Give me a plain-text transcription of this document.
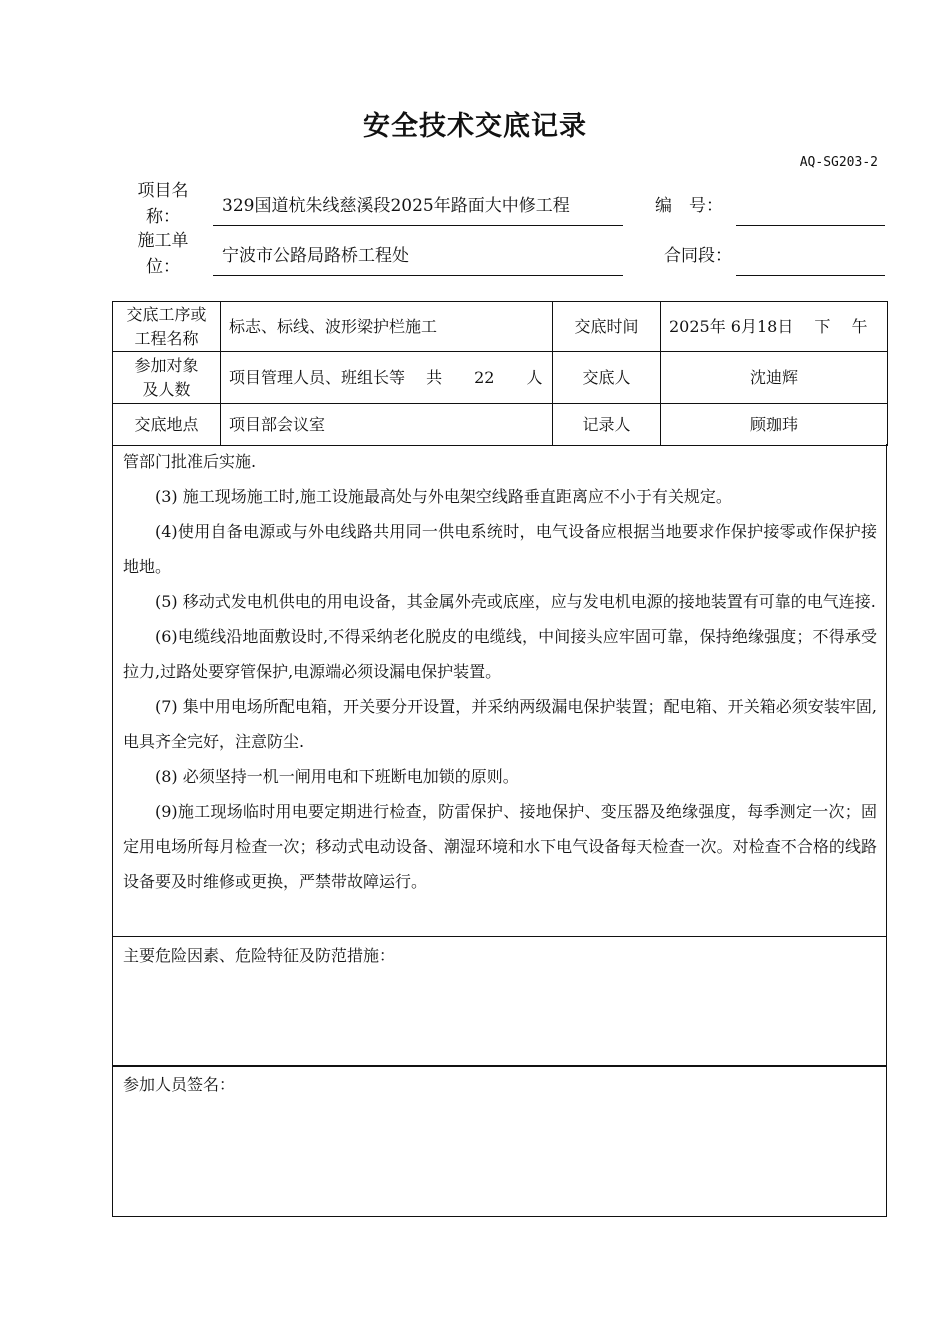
安全技术交底记录
AQ-SG203-2
项目名
称：
329国道杭朱线慈溪段2025年路面大中修工程	编　号：
施工单
位：
宁波市公路局路桥工程处	合同段：
交底工序或
工程名称	标志、标线、波形梁护栏施工	交底时间	2025年 6月18日　 下　 午

参加对象
及人数	项目管理人员、班组长等　 共　　22　　人	交底人	沈迪辉
交底地点	项目部会议室	记录人	顾珈玮

管部门批准后实施.

(3) 施工现场施工时,施工设施最高处与外电架空线路垂直距离应不小于有关规定。

(4)使用自备电源或与外电线路共用同一供电系统时，电气设备应根据当地要求作保护接零或作保护接地地。

(5) 移动式发电机供电的用电设备，其金属外壳或底座，应与发电机电源的接地装置有可靠的电气连接.

(6)电缆线沿地面敷设时,不得采纳老化脱皮的电缆线，中间接头应牢固可靠，保持绝缘强度；不得承受拉力,过路处要穿管保护,电源端必须设漏电保护装置。

(7) 集中用电场所配电箱，开关要分开设置，并采纳两级漏电保护装置；配电箱、开关箱必须安装牢固,电具齐全完好，注意防尘.

(8) 必须坚持一机一闸用电和下班断电加锁的原则。

(9)施工现场临时用电要定期进行检查，防雷保护、接地保护、变压器及绝缘强度，每季测定一次；固定用电场所每月检查一次；移动式电动设备、潮湿环境和水下电气设备每天检查一次。对检查不合格的线路设备要及时维修或更换，严禁带故障运行。

主要危险因素、危险特征及防范措施：
参加人员签名：
